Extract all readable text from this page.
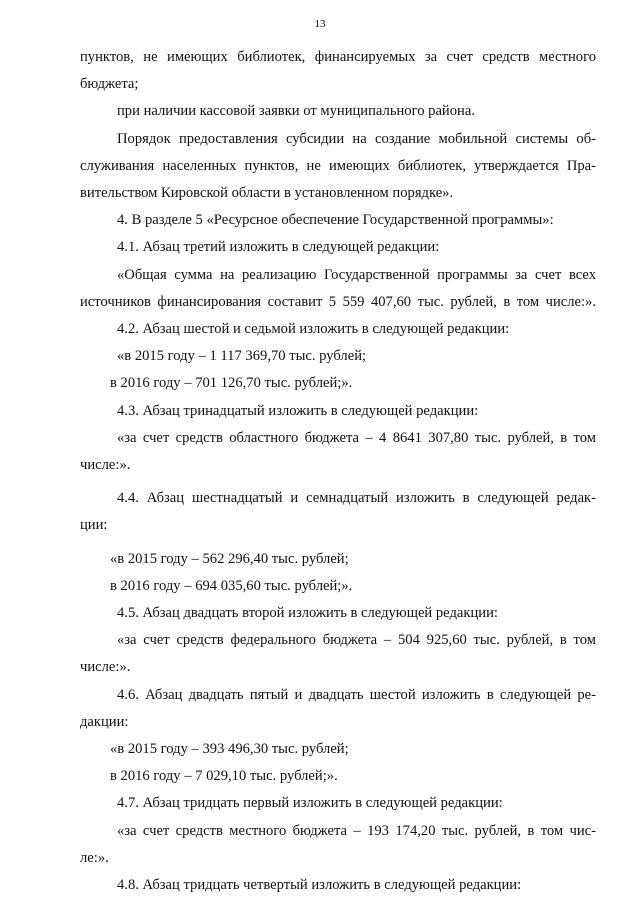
13

пунктов, не имеющих библиотек, финансируемых за счет средств местного

бюджета;

при наличии кассовой заявки от муниципального района.

Порядок предоставления субсидии на создание мобильной системы об-

служивания населенных пунктов, не имеющих библиотек, утверждается Пра-

вительством Кировской области в установленном порядке».

4. В разделе 5 «Ресурсное обеспечение Государственной программы»:

4.1. Абзац третий изложить в следующей редакции:

«Общая сумма на реализацию Государственной программы за счет всех

источников финансирования составит 5 559 407,60 тыс. рублей, в том числе:».

4.2. Абзац шестой и седьмой изложить в следующей редакции:

«в 2015 году – 1 117 369,70 тыс. рублей;

в 2016 году – 701 126,70 тыс. рублей;».

4.3. Абзац тринадцатый изложить в следующей редакции:

«за счет средств областного бюджета – 4 8641 307,80 тыс. рублей, в том

числе:».

4.4. Абзац шестнадцатый и семнадцатый изложить в следующей редак-

ции:

«в 2015 году – 562 296,40 тыс. рублей;

в 2016 году – 694 035,60 тыс. рублей;».

4.5. Абзац двадцать второй изложить в следующей редакции:

«за счет средств федерального бюджета – 504 925,60 тыс. рублей, в том

числе:».

4.6. Абзац двадцать пятый и двадцать шестой изложить в следующей ре-

дакции:

«в 2015 году – 393 496,30 тыс. рублей;

в 2016 году – 7 029,10 тыс. рублей;».

4.7. Абзац тридцать первый изложить в следующей редакции:

«за счет средств местного бюджета – 193 174,20 тыс. рублей, в том чис-

ле:».

4.8. Абзац тридцать четвертый изложить в следующей редакции:
